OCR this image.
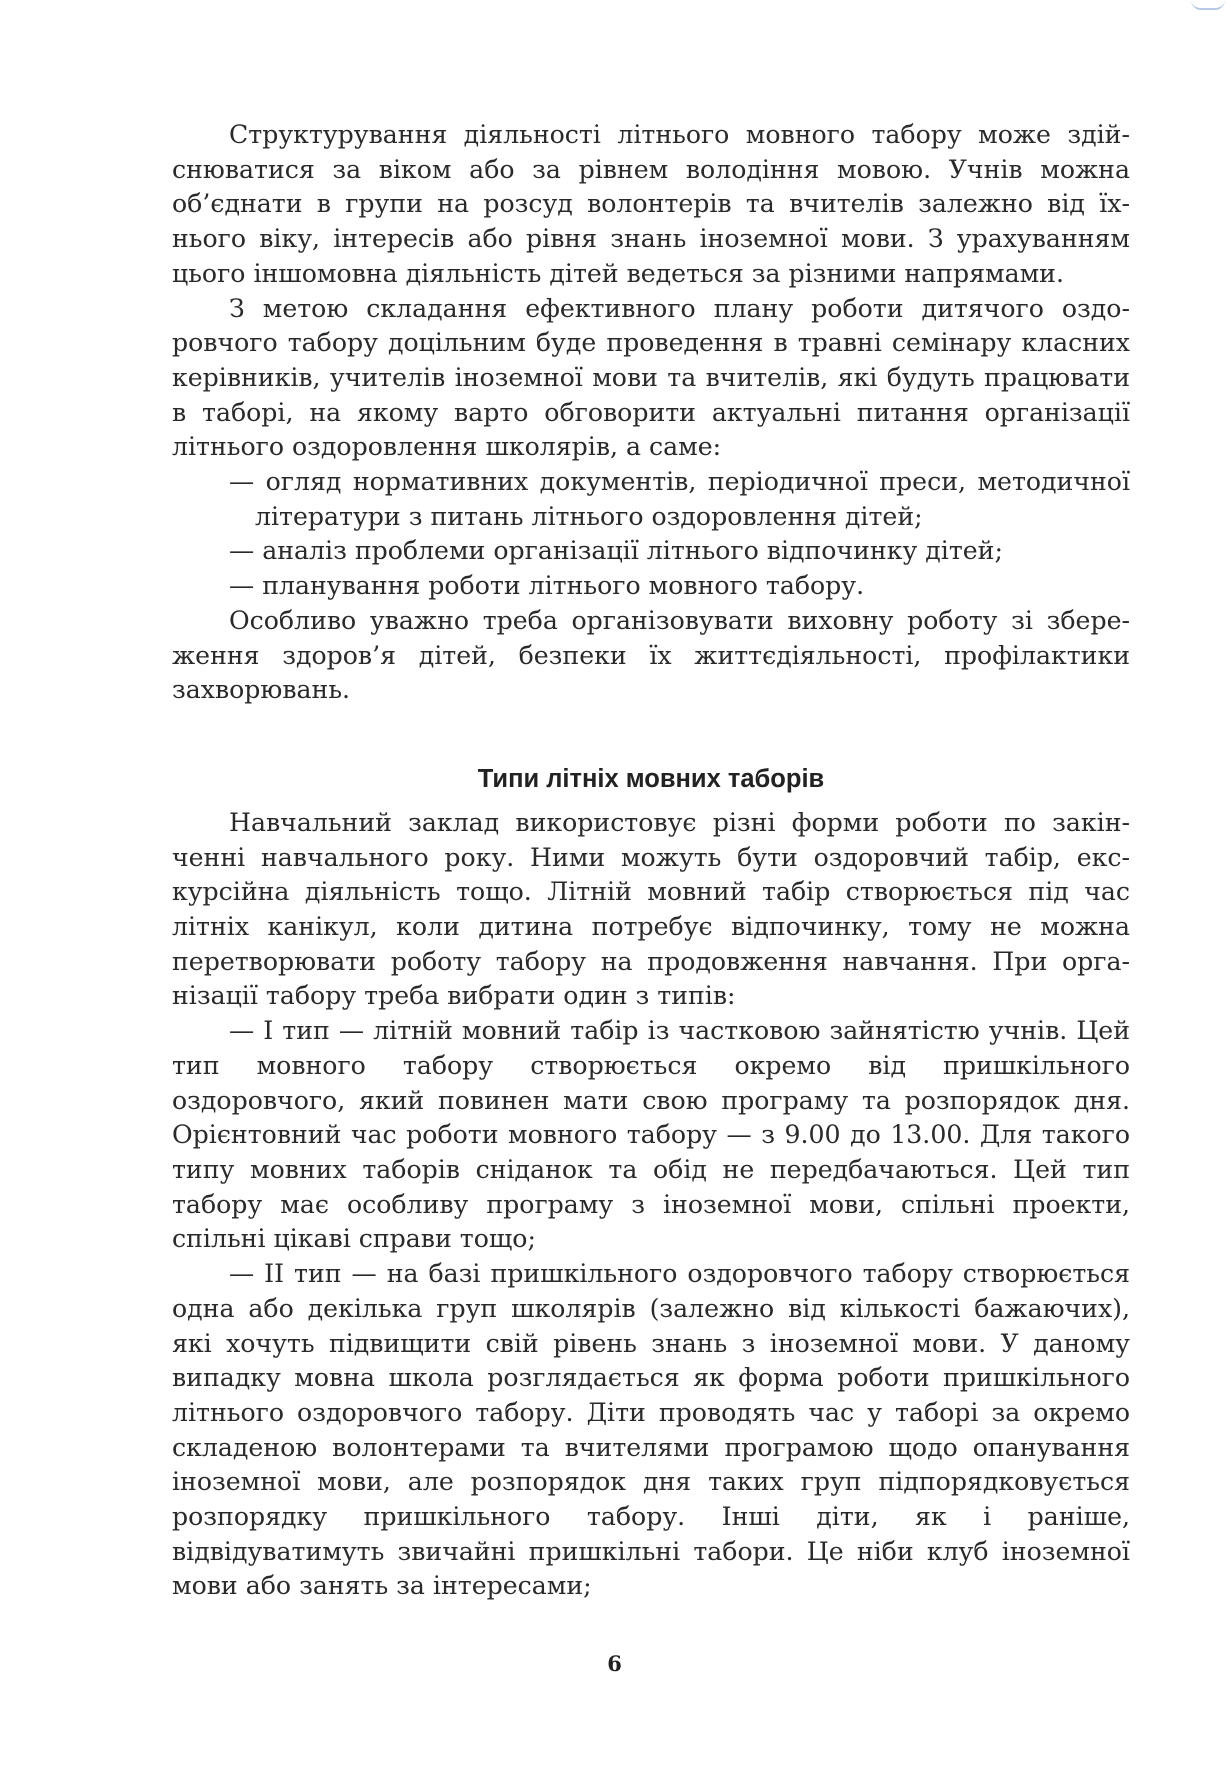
Структурування діяльності літнього мовного табору може здійснюватися за віком або за рівнем володіння мовою. Учнів можна об’єднати в групи на розсуд волонтерів та вчителів залежно від їхнього віку, інтересів або рівня знань іноземної мови. З урахуванням цього іншомовна діяльність дітей ведеться за різними напрямами.

З метою складання ефективного плану роботи дитячого оздоровчого табору доцільним буде проведення в травні семінару класних керівників, учителів іноземної мови та вчителів, які будуть працювати в таборі, на якому варто обговорити актуальні питання організації літнього оздоровлення школярів, а саме:

— огляд нормативних документів, періодичної преси, методичної літератури з питань літнього оздоровлення дітей;
— аналіз проблеми організації літнього відпочинку дітей;
— планування роботи літнього мовного табору.

Особливо уважно треба організовувати виховну роботу зі збереження здоров’я дітей, безпеки їх життєдіяльності, профілактики захворювань.

Типи літніх мовних таборів

Навчальний заклад використовує різні форми роботи по закінченні навчального року. Ними можуть бути оздоровчий табір, екскурсійна діяльність тощо. Літній мовний табір створюється під час літніх канікул, коли дитина потребує відпочинку, тому не можна перетворювати роботу табору на продовження навчання. При організації табору треба вибрати один з типів:

— I тип — літній мовний табір із частковою зайнятістю учнів. Цей тип мовного табору створюється окремо від пришкільного оздоровчого, який повинен мати свою програму та розпорядок дня. Орієнтовний час роботи мовного табору — з 9.00 до 13.00. Для такого типу мовних таборів сніданок та обід не передбачаються. Цей тип табору має особливу програму з іноземної мови, спільні проекти, спільні цікаві справи тощо;

— II тип — на базі пришкільного оздоровчого табору створюється одна або декілька груп школярів (залежно від кількості бажаючих), які хочуть підвищити свій рівень знань з іноземної мови. У даному випадку мовна школа розглядається як форма роботи пришкільного літнього оздоровчого табору. Діти проводять час у таборі за окремо складеною волонтерами та вчителями програмою щодо опанування іноземної мови, але розпорядок дня таких груп підпорядковується розпорядку пришкільного табору. Інші діти, як і раніше, відвідуватимуть звичайні пришкільні табори. Це ніби клуб іноземної мови або занять за інтересами;

6
